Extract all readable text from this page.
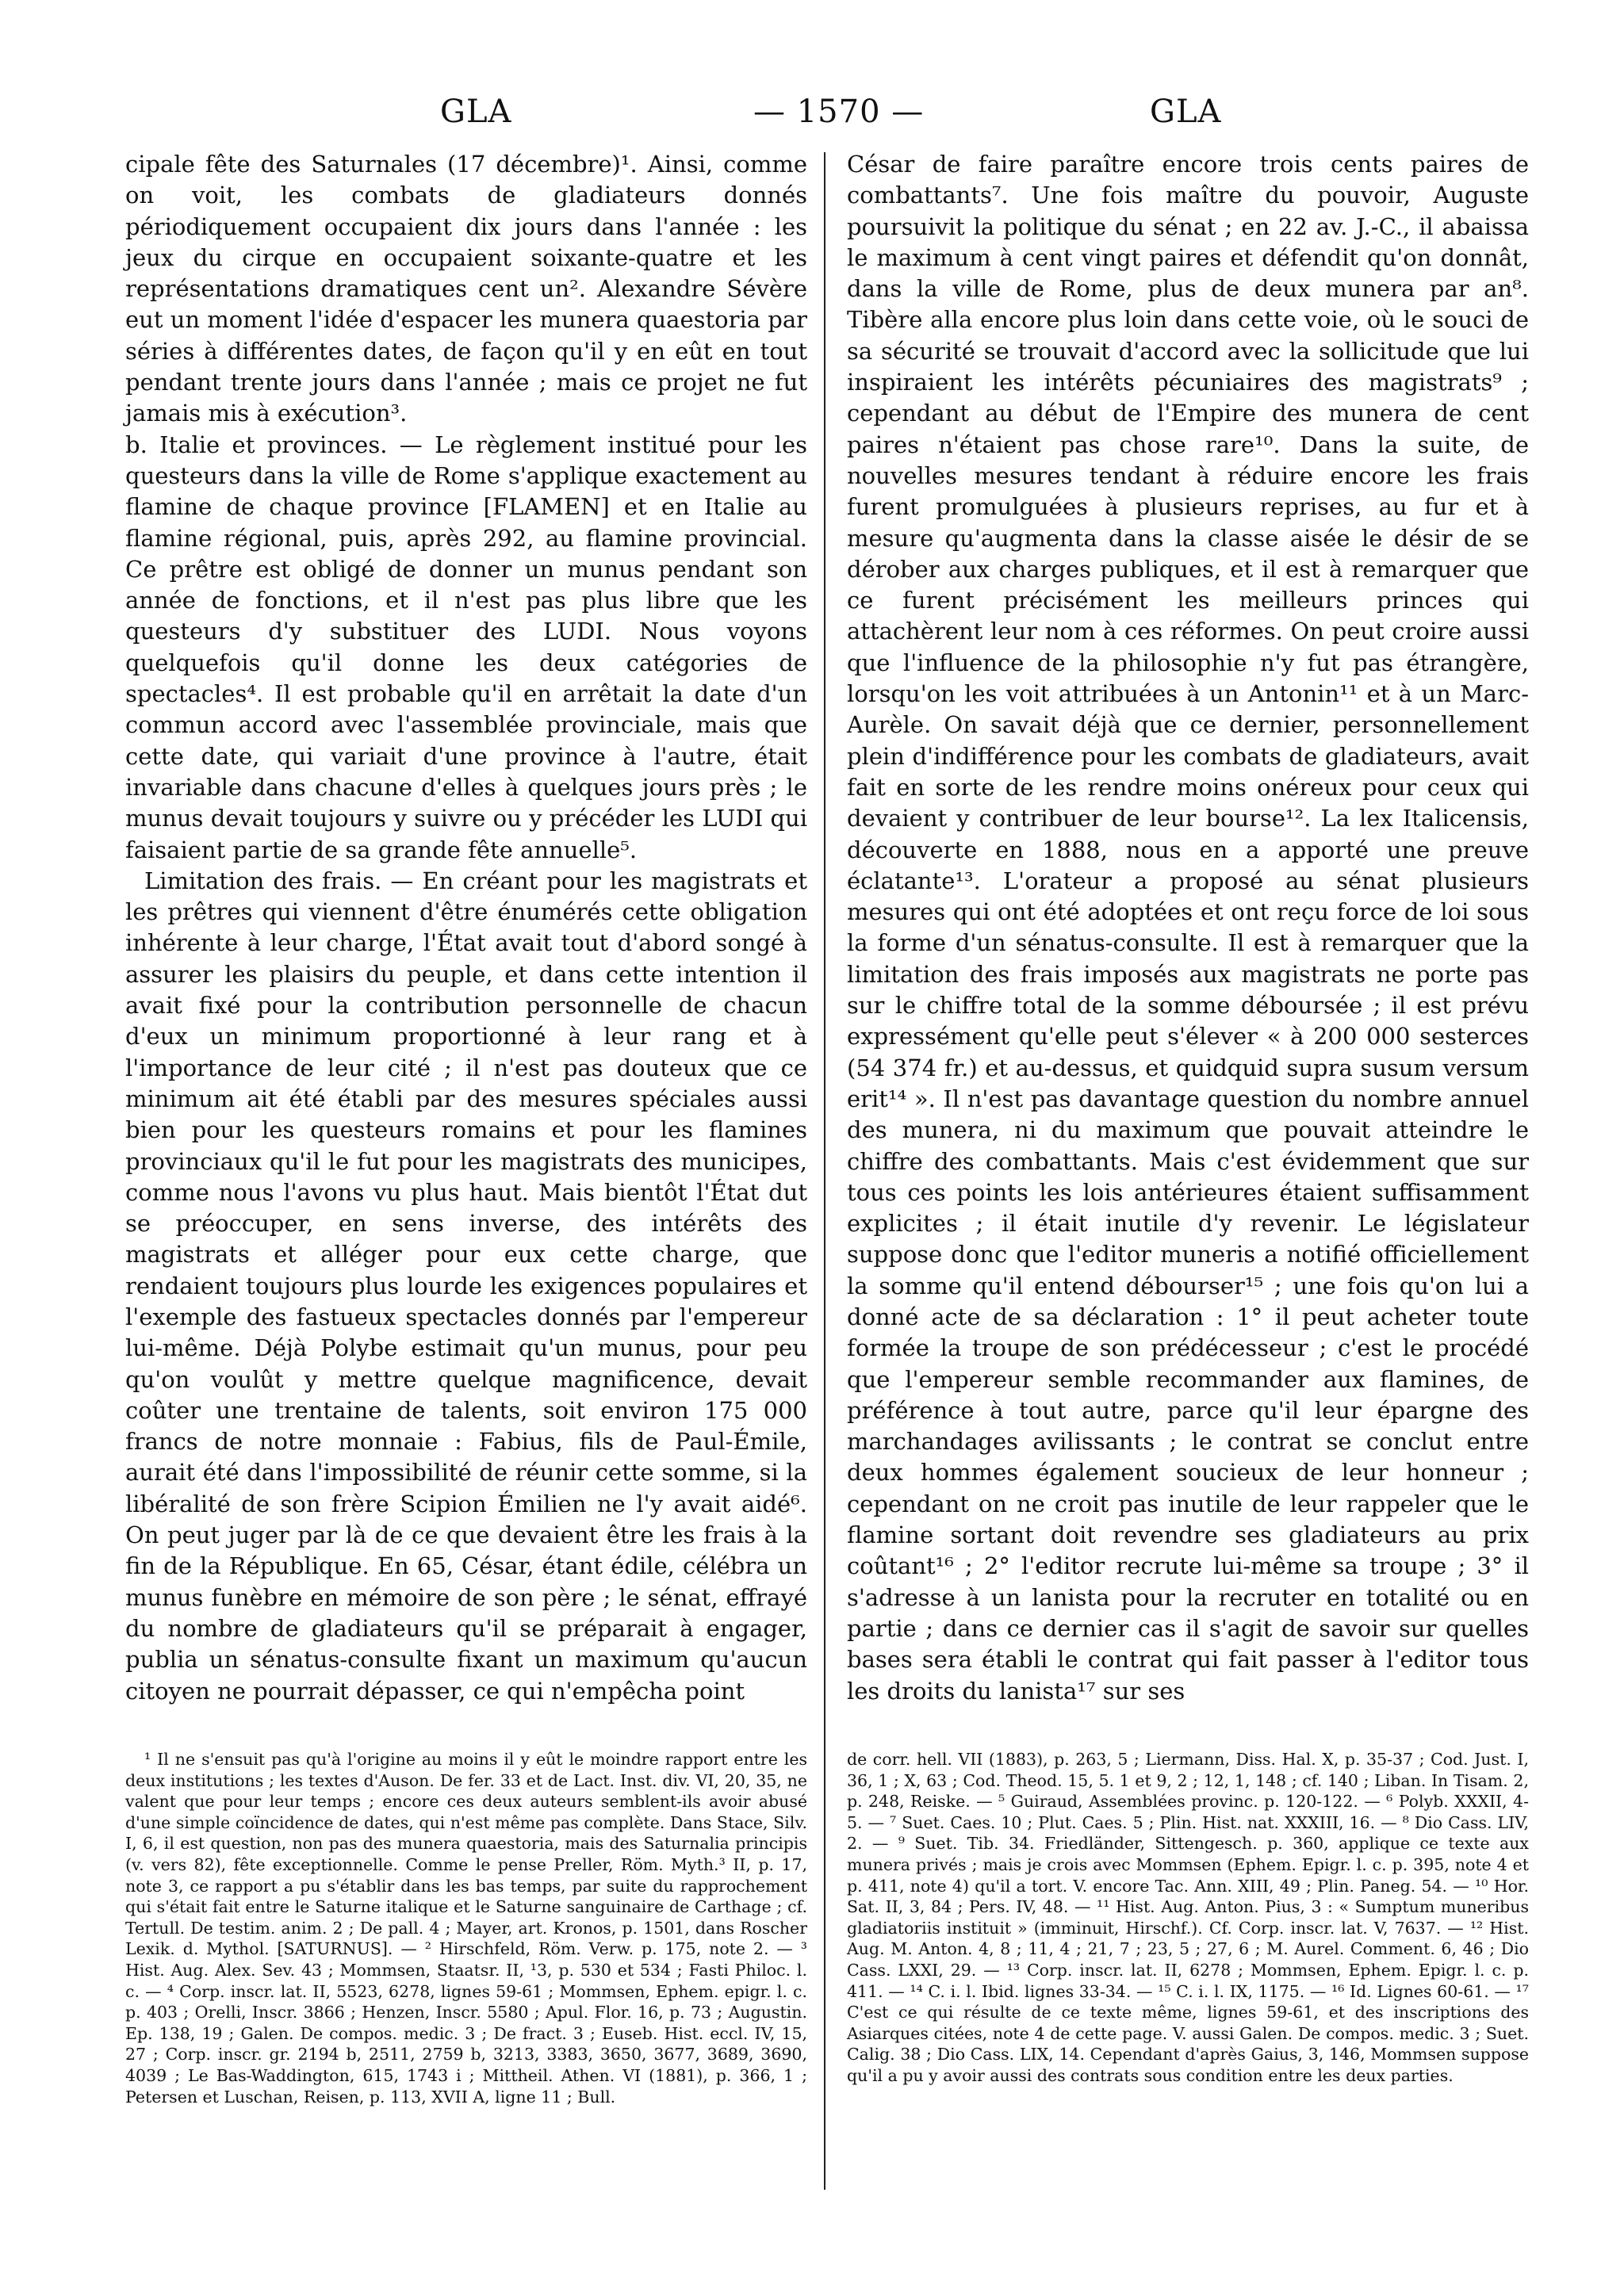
GLA	— 1570 —	GLA

cipale fête des Saturnales (17 décembre)¹. Ainsi, comme on voit, les combats de gladiateurs donnés périodiquement occupaient dix jours dans l'année : les jeux du cirque en occupaient soixante-quatre et les représentations dramatiques cent un². Alexandre Sévère eut un moment l'idée d'espacer les munera quaestoria par séries à différentes dates, de façon qu'il y en eût en tout pendant trente jours dans l'année ; mais ce projet ne fut jamais mis à exécution³.

b. Italie et provinces. — Le règlement institué pour les questeurs dans la ville de Rome s'applique exactement au flamine de chaque province [FLAMEN] et en Italie au flamine régional, puis, après 292, au flamine provincial. Ce prêtre est obligé de donner un munus pendant son année de fonctions, et il n'est pas plus libre que les questeurs d'y substituer des LUDI. Nous voyons quelquefois qu'il donne les deux catégories de spectacles⁴. Il est probable qu'il en arrêtait la date d'un commun accord avec l'assemblée provinciale, mais que cette date, qui variait d'une province à l'autre, était invariable dans chacune d'elles à quelques jours près ; le munus devait toujours y suivre ou y précéder les LUDI qui faisaient partie de sa grande fête annuelle⁵.

Limitation des frais. — En créant pour les magistrats et les prêtres qui viennent d'être énumérés cette obligation inhérente à leur charge, l'État avait tout d'abord songé à assurer les plaisirs du peuple, et dans cette intention il avait fixé pour la contribution personnelle de chacun d'eux un minimum proportionné à leur rang et à l'importance de leur cité ; il n'est pas douteux que ce minimum ait été établi par des mesures spéciales aussi bien pour les questeurs romains et pour les flamines provinciaux qu'il le fut pour les magistrats des municipes, comme nous l'avons vu plus haut. Mais bientôt l'État dut se préoccuper, en sens inverse, des intérêts des magistrats et alléger pour eux cette charge, que rendaient toujours plus lourde les exigences populaires et l'exemple des fastueux spectacles donnés par l'empereur lui-même. Déjà Polybe estimait qu'un munus, pour peu qu'on voulût y mettre quelque magnificence, devait coûter une trentaine de talents, soit environ 175 000 francs de notre monnaie : Fabius, fils de Paul-Émile, aurait été dans l'impossibilité de réunir cette somme, si la libéralité de son frère Scipion Émilien ne l'y avait aidé⁶. On peut juger par là de ce que devaient être les frais à la fin de la République. En 65, César, étant édile, célébra un munus funèbre en mémoire de son père ; le sénat, effrayé du nombre de gladiateurs qu'il se préparait à engager, publia un sénatus-consulte fixant un maximum qu'aucun citoyen ne pourrait dépasser, ce qui n'empêcha point

César de faire paraître encore trois cents paires de combattants⁷. Une fois maître du pouvoir, Auguste poursuivit la politique du sénat ; en 22 av. J.-C., il abaissa le maximum à cent vingt paires et défendit qu'on donnât, dans la ville de Rome, plus de deux munera par an⁸. Tibère alla encore plus loin dans cette voie, où le souci de sa sécurité se trouvait d'accord avec la sollicitude que lui inspiraient les intérêts pécuniaires des magistrats⁹ ; cependant au début de l'Empire des munera de cent paires n'étaient pas chose rare¹⁰. Dans la suite, de nouvelles mesures tendant à réduire encore les frais furent promulguées à plusieurs reprises, au fur et à mesure qu'augmenta dans la classe aisée le désir de se dérober aux charges publiques, et il est à remarquer que ce furent précisément les meilleurs princes qui attachèrent leur nom à ces réformes. On peut croire aussi que l'influence de la philosophie n'y fut pas étrangère, lorsqu'on les voit attribuées à un Antonin¹¹ et à un Marc-Aurèle. On savait déjà que ce dernier, personnellement plein d'indifférence pour les combats de gladiateurs, avait fait en sorte de les rendre moins onéreux pour ceux qui devaient y contribuer de leur bourse¹². La lex Italicensis, découverte en 1888, nous en a apporté une preuve éclatante¹³. L'orateur a proposé au sénat plusieurs mesures qui ont été adoptées et ont reçu force de loi sous la forme d'un sénatus-consulte. Il est à remarquer que la limitation des frais imposés aux magistrats ne porte pas sur le chiffre total de la somme déboursée ; il est prévu expressément qu'elle peut s'élever « à 200 000 sesterces (54 374 fr.) et au-dessus, et quidquid supra susum versum erit¹⁴ ». Il n'est pas davantage question du nombre annuel des munera, ni du maximum que pouvait atteindre le chiffre des combattants. Mais c'est évidemment que sur tous ces points les lois antérieures étaient suffisamment explicites ; il était inutile d'y revenir. Le législateur suppose donc que l'editor muneris a notifié officiellement la somme qu'il entend débourser¹⁵ ; une fois qu'on lui a donné acte de sa déclaration : 1° il peut acheter toute formée la troupe de son prédécesseur ; c'est le procédé que l'empereur semble recommander aux flamines, de préférence à tout autre, parce qu'il leur épargne des marchandages avilissants ; le contrat se conclut entre deux hommes également soucieux de leur honneur ; cependant on ne croit pas inutile de leur rappeler que le flamine sortant doit revendre ses gladiateurs au prix coûtant¹⁶ ; 2° l'editor recrute lui-même sa troupe ; 3° il s'adresse à un lanista pour la recruter en totalité ou en partie ; dans ce dernier cas il s'agit de savoir sur quelles bases sera établi le contrat qui fait passer à l'editor tous les droits du lanista¹⁷ sur ses

¹ Il ne s'ensuit pas qu'à l'origine au moins il y eût le moindre rapport entre les deux institutions ; les textes d'Auson. De fer. 33 et de Lact. Inst. div. VI, 20, 35, ne valent que pour leur temps ; encore ces deux auteurs semblent-ils avoir abusé d'une simple coïncidence de dates, qui n'est même pas complète. Dans Stace, Silv. I, 6, il est question, non pas des munera quaestoria, mais des Saturnalia principis (v. vers 82), fête exceptionnelle. Comme le pense Preller, Röm. Myth.³ II, p. 17, note 3, ce rapport a pu s'établir dans les bas temps, par suite du rapprochement qui s'était fait entre le Saturne italique et le Saturne sanguinaire de Carthage ; cf. Tertull. De testim. anim. 2 ; De pall. 4 ; Mayer, art. Kronos, p. 1501, dans Roscher Lexik. d. Mythol. [SATURNUS]. — ² Hirschfeld, Röm. Verw. p. 175, note 2. — ³ Hist. Aug. Alex. Sev. 43 ; Mommsen, Staatsr. II, ¹3, p. 530 et 534 ; Fasti Philoc. l. c. — ⁴ Corp. inscr. lat. II, 5523, 6278, lignes 59-61 ; Mommsen, Ephem. epigr. l. c. p. 403 ; Orelli, Inscr. 3866 ; Henzen, Inscr. 5580 ; Apul. Flor. 16, p. 73 ; Augustin. Ep. 138, 19 ; Galen. De compos. medic. 3 ; De fract. 3 ; Euseb. Hist. eccl. IV, 15, 27 ; Corp. inscr. gr. 2194 b, 2511, 2759 b, 3213, 3383, 3650, 3677, 3689, 3690, 4039 ; Le Bas-Waddington, 615, 1743 i ; Mittheil. Athen. VI (1881), p. 366, 1 ; Petersen et Luschan, Reisen, p. 113, XVII A, ligne 11 ; Bull.

de corr. hell. VII (1883), p. 263, 5 ; Liermann, Diss. Hal. X, p. 35-37 ; Cod. Just. I, 36, 1 ; X, 63 ; Cod. Theod. 15, 5. 1 et 9, 2 ; 12, 1, 148 ; cf. 140 ; Liban. In Tisam. 2, p. 248, Reiske. — ⁵ Guiraud, Assemblées provinc. p. 120-122. — ⁶ Polyb. XXXII, 4-5. — ⁷ Suet. Caes. 10 ; Plut. Caes. 5 ; Plin. Hist. nat. XXXIII, 16. — ⁸ Dio Cass. LIV, 2. — ⁹ Suet. Tib. 34. Friedländer, Sittengesch. p. 360, applique ce texte aux munera privés ; mais je crois avec Mommsen (Ephem. Epigr. l. c. p. 395, note 4 et p. 411, note 4) qu'il a tort. V. encore Tac. Ann. XIII, 49 ; Plin. Paneg. 54. — ¹⁰ Hor. Sat. II, 3, 84 ; Pers. IV, 48. — ¹¹ Hist. Aug. Anton. Pius, 3 : « Sumptum muneribus gladiatoriis instituit » (imminuit, Hirschf.). Cf. Corp. inscr. lat. V, 7637. — ¹² Hist. Aug. M. Anton. 4, 8 ; 11, 4 ; 21, 7 ; 23, 5 ; 27, 6 ; M. Aurel. Comment. 6, 46 ; Dio Cass. LXXI, 29. — ¹³ Corp. inscr. lat. II, 6278 ; Mommsen, Ephem. Epigr. l. c. p. 411. — ¹⁴ C. i. l. Ibid. lignes 33-34. — ¹⁵ C. i. l. IX, 1175. — ¹⁶ Id. Lignes 60-61. — ¹⁷ C'est ce qui résulte de ce texte même, lignes 59-61, et des inscriptions des Asiarques citées, note 4 de cette page. V. aussi Galen. De compos. medic. 3 ; Suet. Calig. 38 ; Dio Cass. LIX, 14. Cependant d'après Gaius, 3, 146, Mommsen suppose qu'il a pu y avoir aussi des contrats sous condition entre les deux parties.
